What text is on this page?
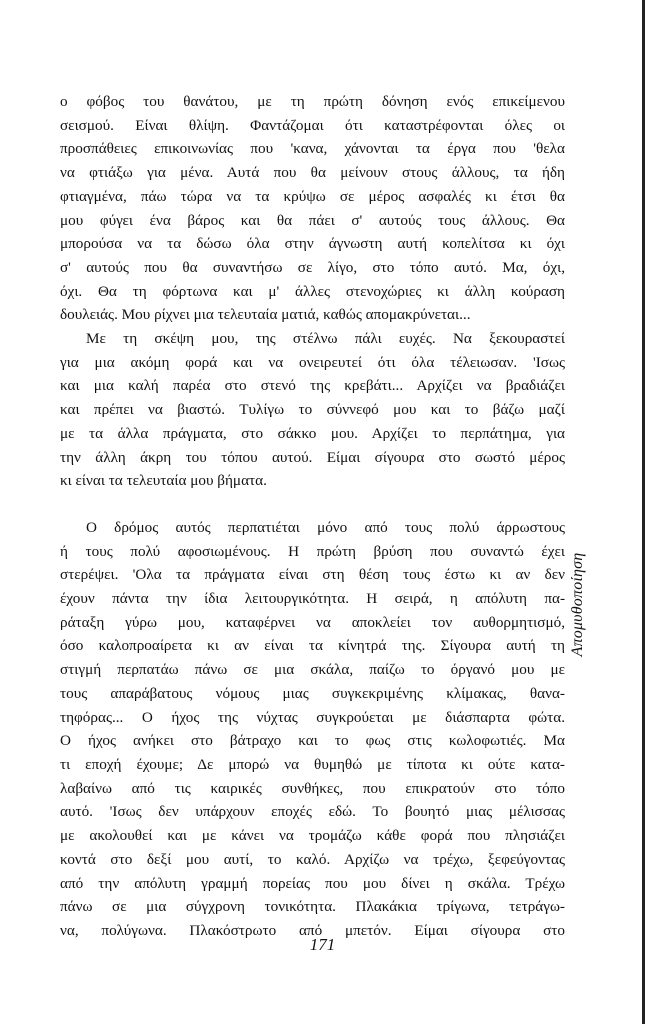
ο φόβος του θανάτου, με τη πρώτη δόνηση ενός επικείμενου
σεισμού. Είναι θλίψη. Φαντάζομαι ότι καταστρέφονται όλες οι
προσπάθειες επικοινωνίας που 'κανα, χάνονται τα έργα που 'θελα
να φτιάξω για μένα. Αυτά που θα μείνουν στους άλλους, τα ήδη
φτιαγμένα, πάω τώρα να τα κρύψω σε μέρος ασφαλές κι έτσι θα
μου φύγει ένα βάρος και θα πάει σ' αυτούς τους άλλους. Θα
μπορούσα να τα δώσω όλα στην άγνωστη αυτή κοπελίτσα κι όχι
σ' αυτούς που θα συναντήσω σε λίγο, στο τόπο αυτό. Μα, όχι,
όχι. Θα τη φόρτωνα και μ' άλλες στενοχώριες κι άλλη κούραση
δουλειάς. Μου ρίχνει μια τελευταία ματιά, καθώς απομακρύνεται...
Με τη σκέψη μου, της στέλνω πάλι ευχές. Να ξεκουραστεί
για μια ακόμη φορά και να ονειρευτεί ότι όλα τέλειωσαν. 'Ισως
και μια καλή παρέα στο στενό της κρεβάτι... Αρχίζει να βραδιάζει
και πρέπει να βιαστώ. Τυλίγω το σύννεφό μου και το βάζω μαζί
με τα άλλα πράγματα, στο σάκκο μου. Αρχίζει το περπάτημα, για
την άλλη άκρη του τόπου αυτού. Είμαι σίγουρα στο σωστό μέρος
κι είναι τα τελευταία μου βήματα.
Ο δρόμος αυτός περπατιέται μόνο από τους πολύ άρρωστους
ή τους πολύ αφοσιωμένους. Η πρώτη βρύση που συναντώ έχει
στερέψει. 'Ολα τα πράγματα είναι στη θέση τους έστω κι αν δεν
έχουν πάντα την ίδια λειτουργικότητα. Η σειρά, η απόλυτη πα-
ράταξη γύρω μου, καταφέρνει να αποκλείει τον αυθορμητισμό,
όσο καλοπροαίρετα κι αν είναι τα κίνητρά της. Σίγουρα αυτή τη
στιγμή περπατάω πάνω σε μια σκάλα, παίζω το όργανό μου με
τους απαράβατους νόμους μιας συγκεκριμένης κλίμακας, θανα-
τηφόρας... Ο ήχος της νύχτας συγκρούεται με διάσπαρτα φώτα.
Ο ήχος ανήκει στο βάτραχο και το φως στις κωλοφωτιές. Μα
τι εποχή έχουμε; Δε μπορώ να θυμηθώ με τίποτα κι ούτε κατα-
λαβαίνω από τις καιρικές συνθήκες, που επικρατούν στο τόπο
αυτό. 'Ισως δεν υπάρχουν εποχές εδώ. Το βουητό μιας μέλισσας
με ακολουθεί και με κάνει να τρομάζω κάθε φορά που πλησιάζει
κοντά στο δεξί μου αυτί, το καλό. Αρχίζω να τρέχω, ξεφεύγοντας
από την απόλυτη γραμμή πορείας που μου δίνει η σκάλα. Τρέχω
πάνω σε μια σύγχρονη τονικότητα. Πλακάκια τρίγωνα, τετράγω-
να, πολύγωνα. Πλακόστρωτο από μπετόν. Είμαι σίγουρα στο
171
Απομυθοποίηση
